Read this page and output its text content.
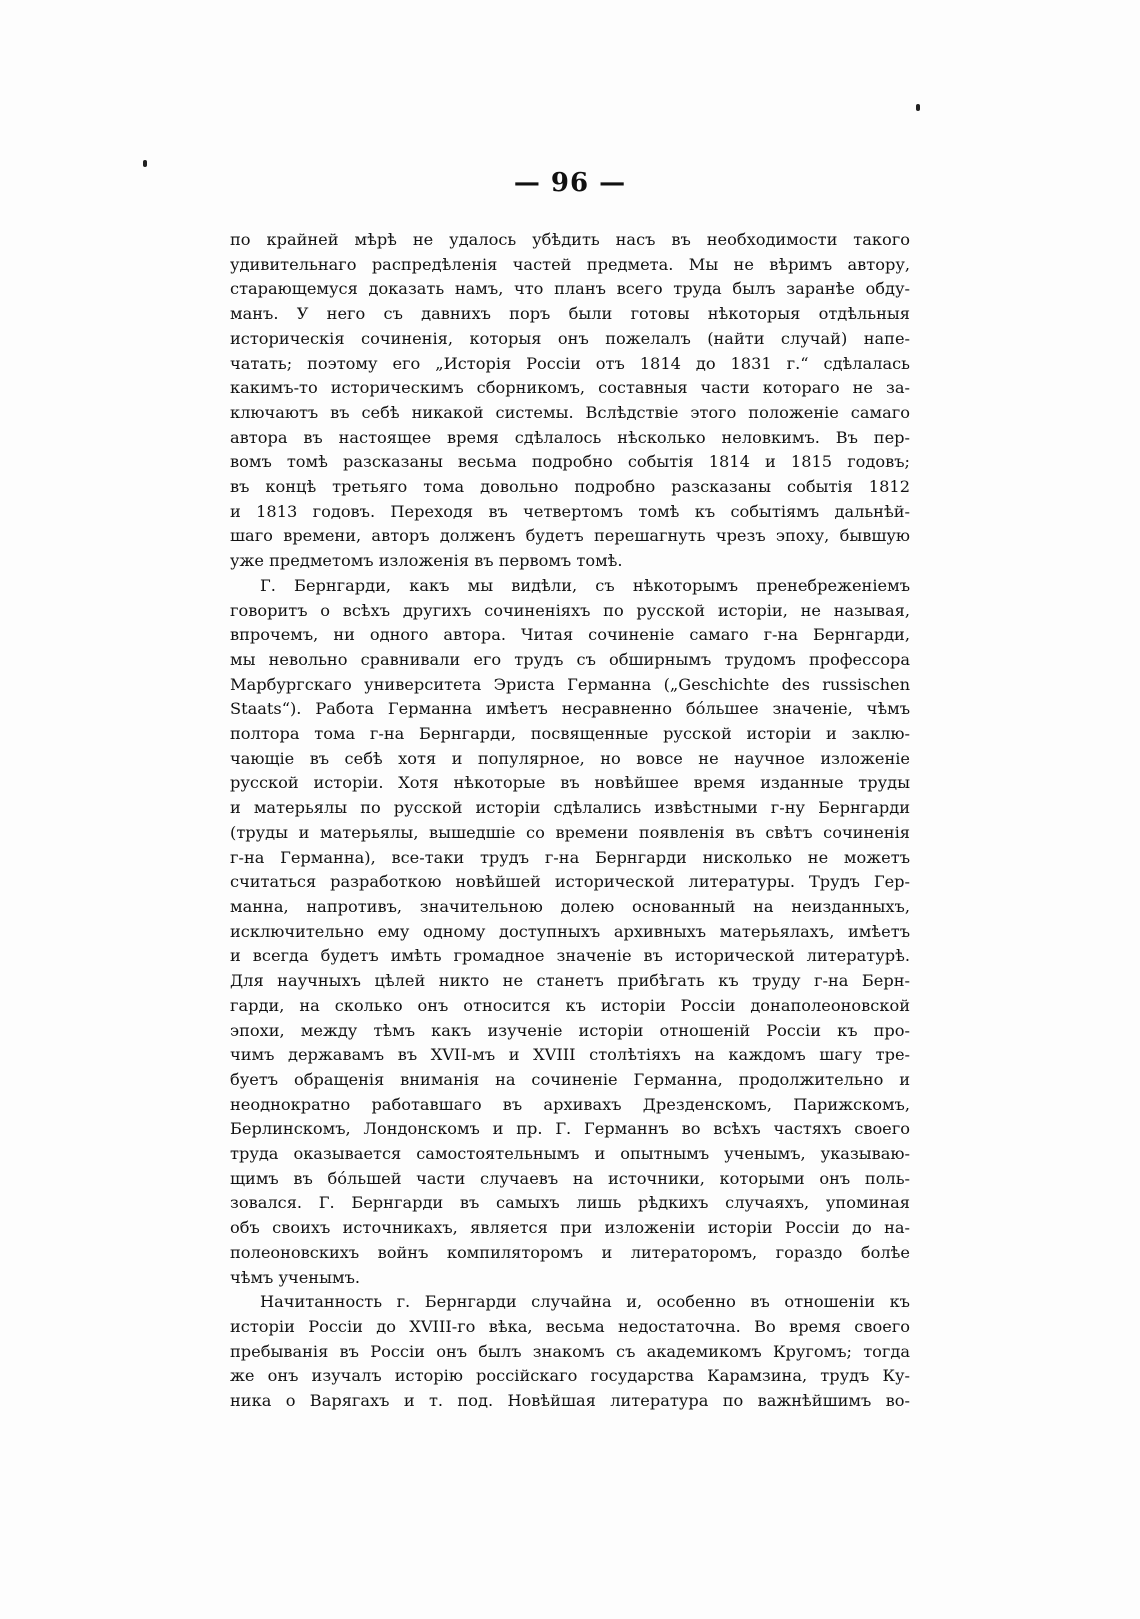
— 96 —
по крайней мѣрѣ не удалось убѣдить насъ въ необходимости такого
удивительнаго распредѣленія частей предмета. Мы не вѣримъ автору,
старающемуся доказать намъ, что планъ всего труда былъ заранѣе обду-
манъ. У него съ давнихъ поръ были готовы нѣкоторыя отдѣльныя
историческія сочиненія, которыя онъ пожелалъ (найти случай) напе-
чатать; поэтому его „Исторія Россіи отъ 1814 до 1831 г.“ сдѣлалась
какимъ-то историческимъ сборникомъ, составныя части котораго не за-
ключаютъ въ себѣ никакой системы. Вслѣдствіе этого положеніе самаго
автора въ настоящее время сдѣлалось нѣсколько неловкимъ. Въ пер-
вомъ томѣ разсказаны весьма подробно событія 1814 и 1815 годовъ;
въ концѣ третьяго тома довольно подробно разсказаны событія 1812
и 1813 годовъ. Переходя въ четвертомъ томѣ къ событіямъ дальнѣй-
шаго времени, авторъ долженъ будетъ перешагнуть чрезъ эпоху, бывшую
уже предметомъ изложенія въ первомъ томѣ.
Г. Бернгарди, какъ мы видѣли, съ нѣкоторымъ пренебреженіемъ
говоритъ о всѣхъ другихъ сочиненіяхъ по русской исторіи, не называя,
впрочемъ, ни одного автора. Читая сочиненіе самаго г-на Бернгарди,
мы невольно сравнивали его трудъ съ обширнымъ трудомъ профессора
Марбургскаго университета Эриста Германна („Geschichte des russischen
Staats“). Работа Германна имѣетъ несравненно бóльшее значеніе, чѣмъ
полтора тома г-на Бернгарди, посвященные русской исторіи и заклю-
чающіе въ себѣ хотя и популярное, но вовсе не научное изложеніе
русской исторіи. Хотя нѣкоторые въ новѣйшее время изданные труды
и матерьялы по русской исторіи сдѣлались извѣстными г-ну Бернгарди
(труды и матерьялы, вышедшіе со времени появленія въ свѣтъ сочиненія
г-на Германна), все-таки трудъ г-на Бернгарди нисколько не можетъ
считаться разработкою новѣйшей исторической литературы. Трудъ Гер-
манна, напротивъ, значительною долею основанный на неизданныхъ,
исключительно ему одному доступныхъ архивныхъ матерьялахъ, имѣетъ
и всегда будетъ имѣть громадное значеніе въ исторической литературѣ.
Для научныхъ цѣлей никто не станетъ прибѣгать къ труду г-на Берн-
гарди, на сколько онъ относится къ исторіи Россіи донаполеоновской
эпохи, между тѣмъ какъ изученіе исторіи отношеній Россіи къ про-
чимъ державамъ въ XVII-мъ и XVIII столѣтіяхъ на каждомъ шагу тре-
буетъ обращенія вниманія на сочиненіе Германна, продолжительно и
неоднократно работавшаго въ архивахъ Дрезденскомъ, Парижскомъ,
Берлинскомъ, Лондонскомъ и пр. Г. Германнъ во всѣхъ частяхъ своего
труда оказывается самостоятельнымъ и опытнымъ ученымъ, указываю-
щимъ въ бóльшей части случаевъ на источники, которыми онъ поль-
зовался. Г. Бернгарди въ самыхъ лишь рѣдкихъ случаяхъ, упоминая
объ своихъ источникахъ, является при изложеніи исторіи Россіи до на-
полеоновскихъ войнъ компиляторомъ и литераторомъ, гораздо болѣе
чѣмъ ученымъ.
Начитанность г. Бернгарди случайна и, особенно въ отношеніи къ
исторіи Россіи до XVIII-го вѣка, весьма недостаточна. Во время своего
пребыванія въ Россіи онъ былъ знакомъ съ академикомъ Кругомъ; тогда
же онъ изучалъ исторію россійскаго государства Карамзина, трудъ Ку-
ника о Варягахъ и т. под. Новѣйшая литература по важнѣйшимъ во-
